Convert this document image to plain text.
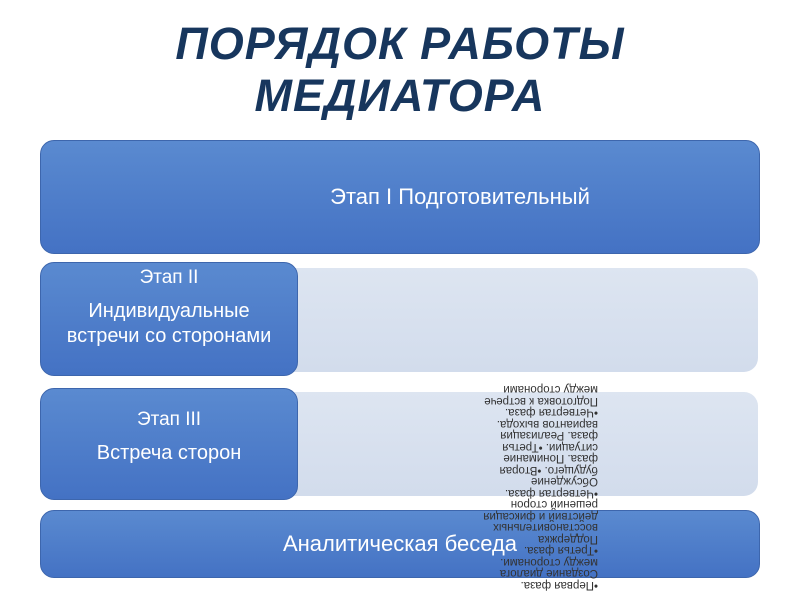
ПОРЯДОК РАБОТЫ
МЕДИАТОРА
Этап I Подготовительный
Этап II
Индивидуальные встречи со сторонами
Этап III
Встреча сторон
Аналитическая беседа
•Первая фаза. Создание диалога между сторонами. •Третья фаза. Поддержка восстановительных действий и фиксация решений сторон •Четвертая фаза. Обсуждение будущего. •Вторая фаза. Понимание ситуации. •Третья фаза. Реализация вариантов выхода. •Четвертая фаза. Подготовка к встрече между сторонами
